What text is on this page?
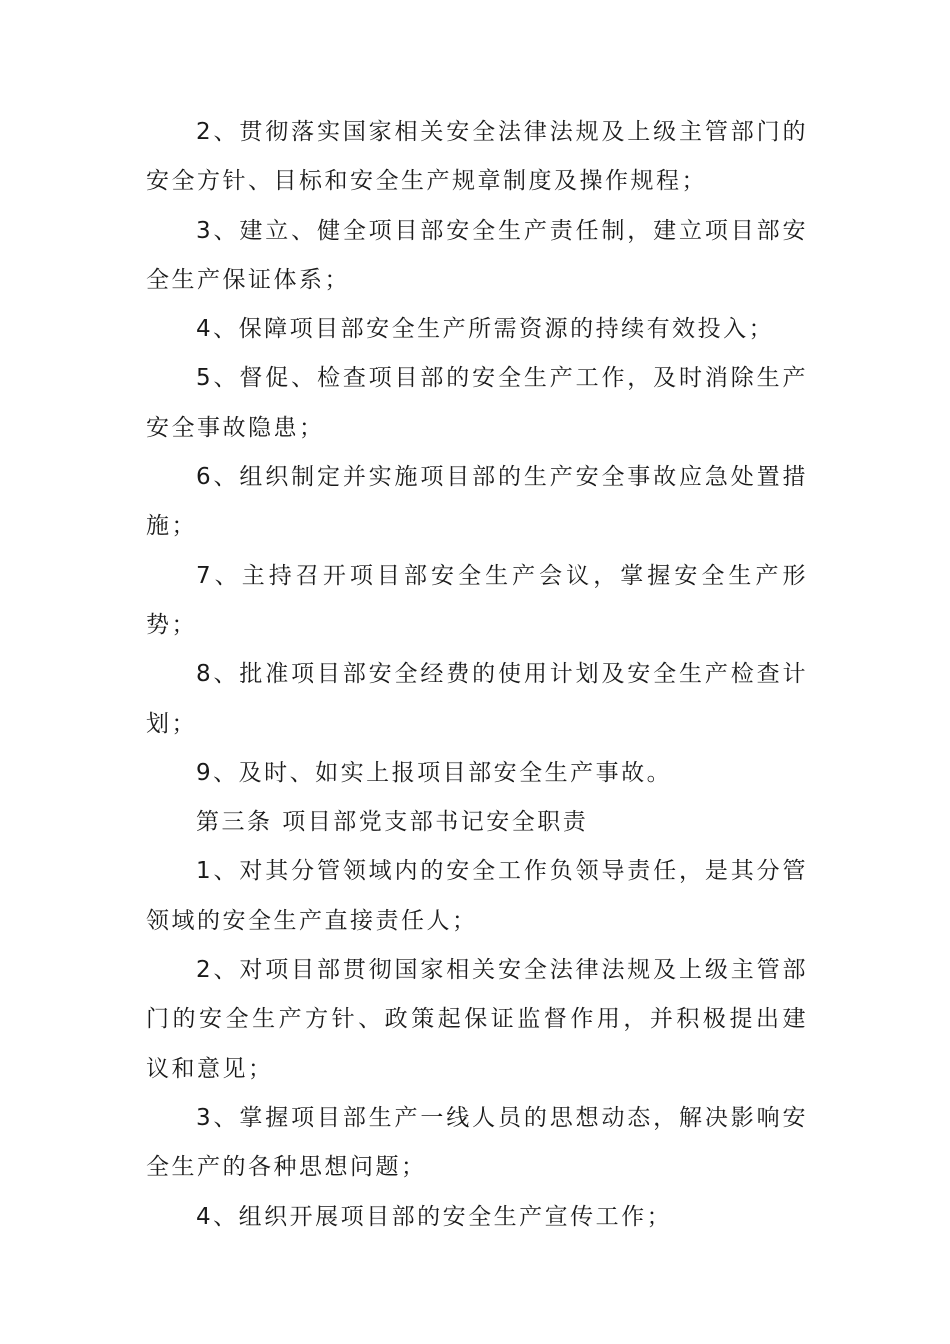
2、贯彻落实国家相关安全法律法规及上级主管部门的安全方针、目标和安全生产规章制度及操作规程；

3、建立、健全项目部安全生产责任制，建立项目部安全生产保证体系；

4、保障项目部安全生产所需资源的持续有效投入；

5、督促、检查项目部的安全生产工作，及时消除生产安全事故隐患；

6、组织制定并实施项目部的生产安全事故应急处置措施；

7、主持召开项目部安全生产会议，掌握安全生产形势；

8、批准项目部安全经费的使用计划及安全生产检查计划；

9、及时、如实上报项目部安全生产事故。

第三条 项目部党支部书记安全职责

1、对其分管领域内的安全工作负领导责任，是其分管领域的安全生产直接责任人；

2、对项目部贯彻国家相关安全法律法规及上级主管部门的安全生产方针、政策起保证监督作用，并积极提出建议和意见；

3、掌握项目部生产一线人员的思想动态，解决影响安全生产的各种思想问题；

4、组织开展项目部的安全生产宣传工作；
